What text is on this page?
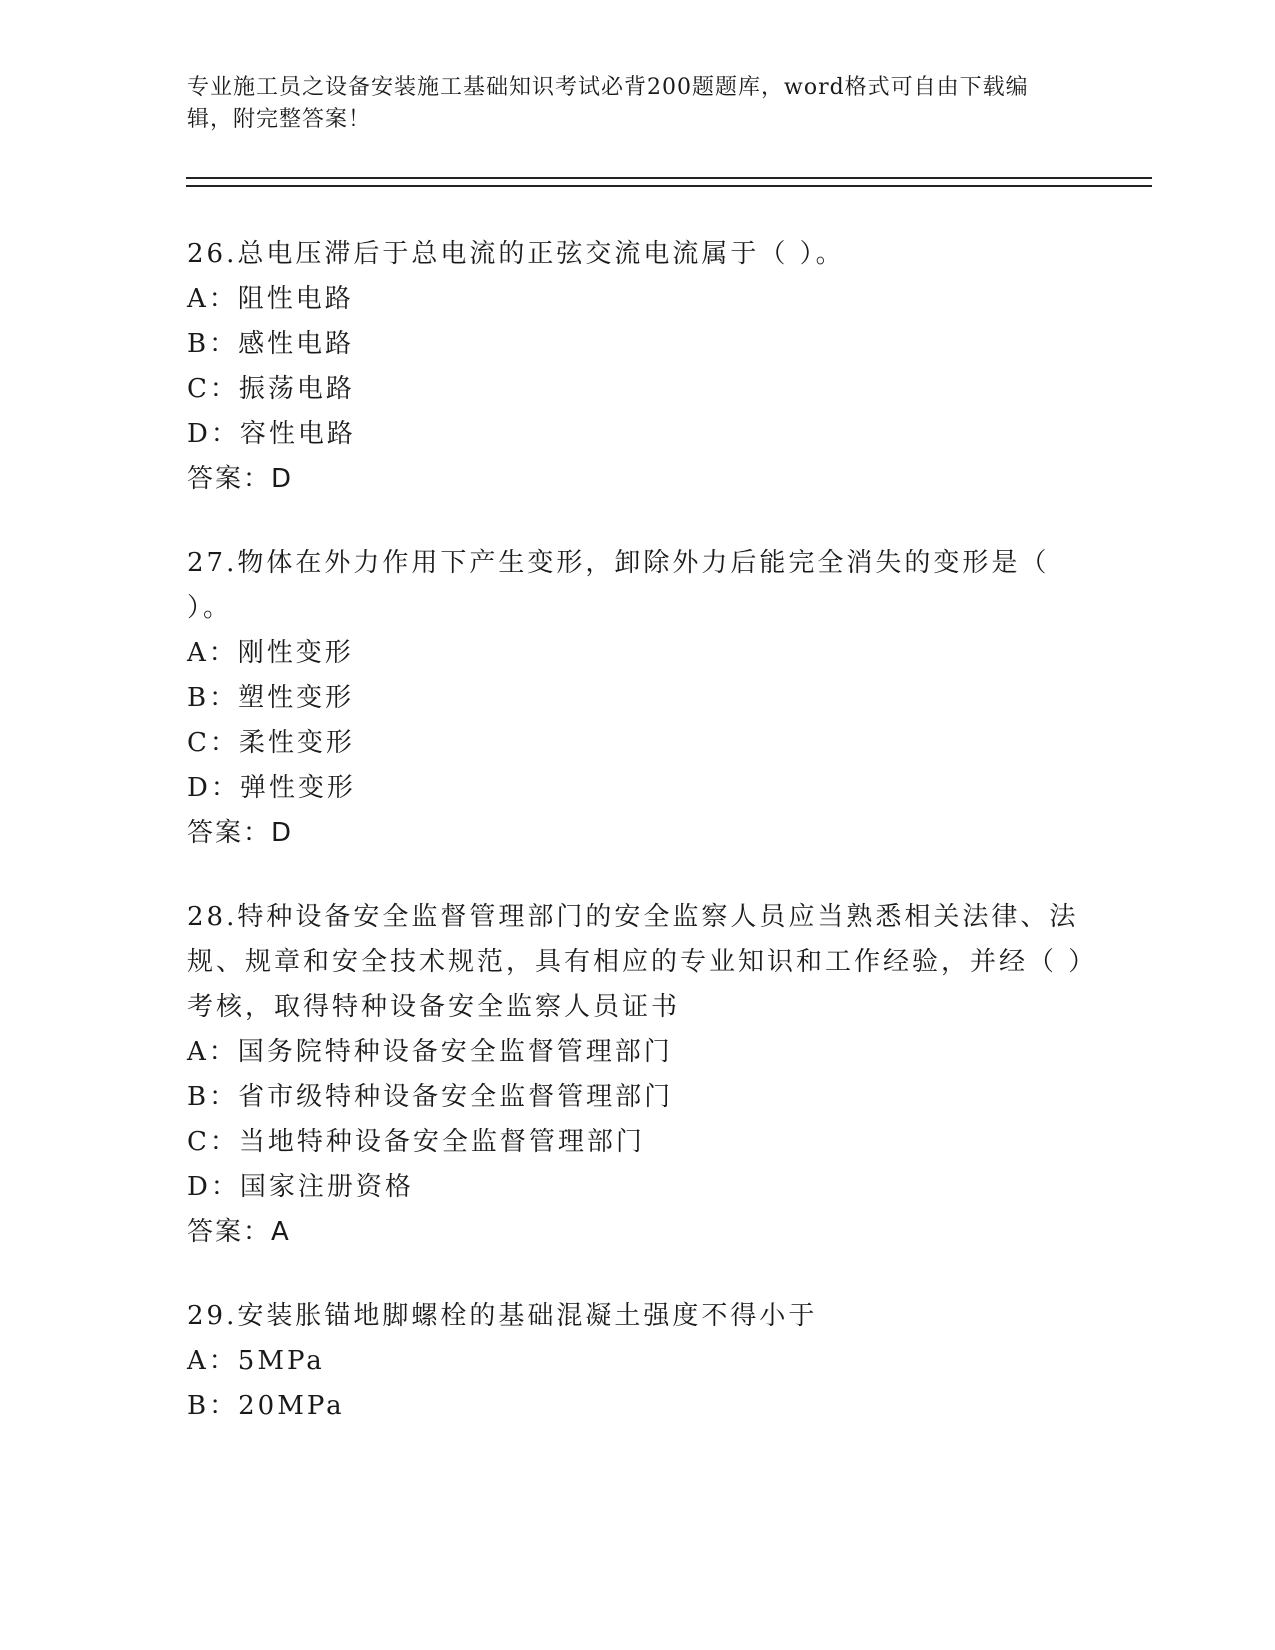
专业施工员之设备安装施工基础知识考试必背200题题库，word格式可自由下载编辑，附完整答案！
26.总电压滞后于总电流的正弦交流电流属于（ ）。
A：阻性电路
B：感性电路
C：振荡电路
D：容性电路
答案：D
27.物体在外力作用下产生变形，卸除外力后能完全消失的变形是（ ）。
A：刚性变形
B：塑性变形
C：柔性变形
D：弹性变形
答案：D
28.特种设备安全监督管理部门的安全监察人员应当熟悉相关法律、法规、规章和安全技术规范，具有相应的专业知识和工作经验，并经（ ）考核，取得特种设备安全监察人员证书
A：国务院特种设备安全监督管理部门
B：省市级特种设备安全监督管理部门
C：当地特种设备安全监督管理部门
D：国家注册资格
答案：A
29.安装胀锚地脚螺栓的基础混凝土强度不得小于
A：5MPa
B：20MPa
